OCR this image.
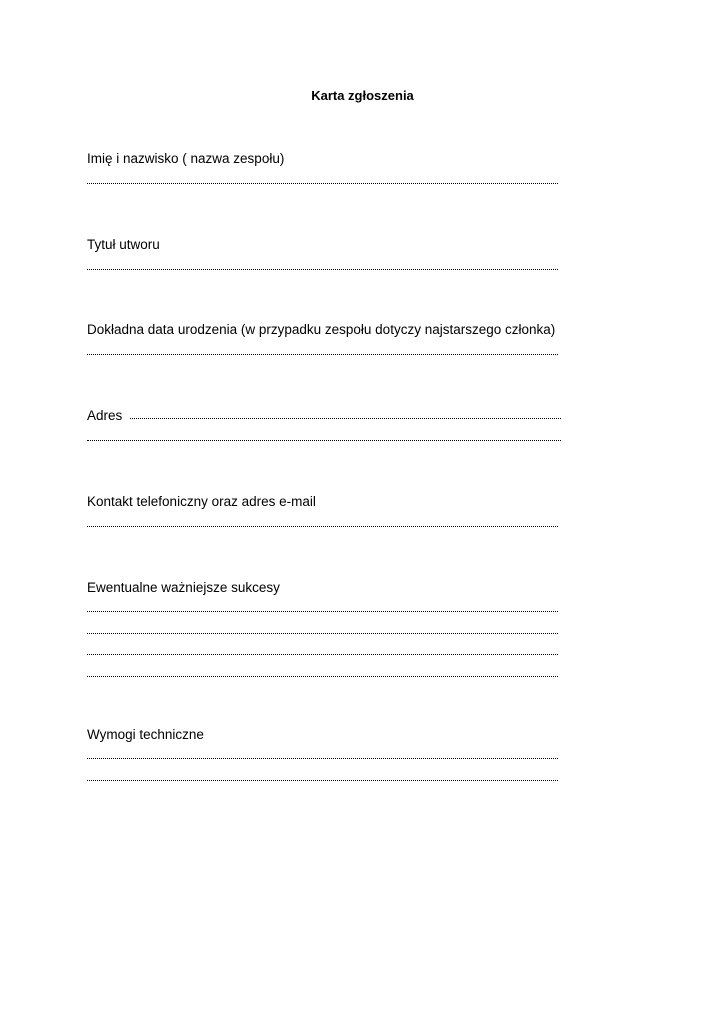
Karta zgłoszenia
Imię i nazwisko ( nazwa zespołu)
Tytuł utworu
Dokładna data urodzenia (w przypadku zespołu dotyczy najstarszego członka)
Adres
Kontakt telefoniczny oraz adres e-mail
Ewentualne ważniejsze sukcesy
Wymogi techniczne
